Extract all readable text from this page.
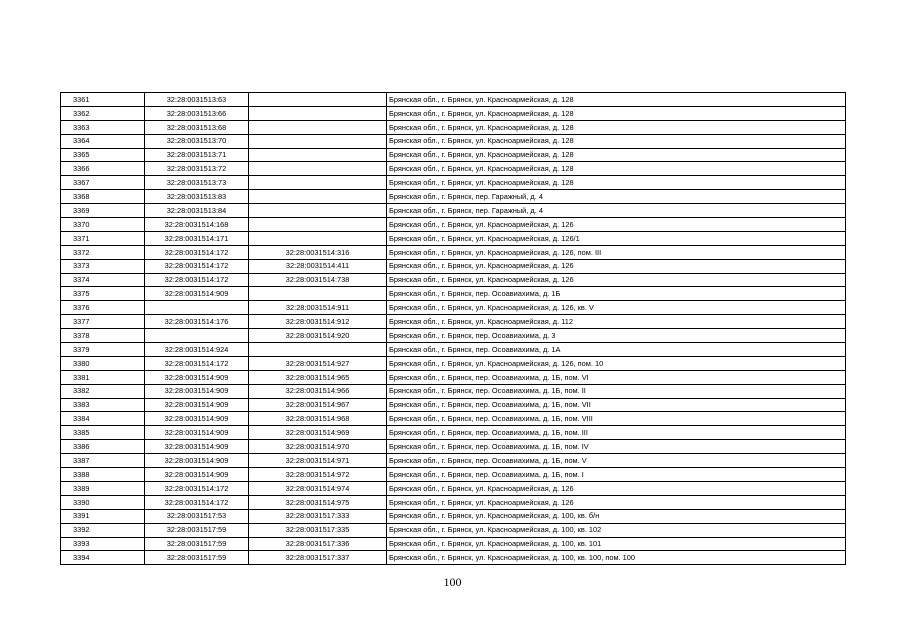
3361	32:28:0031513:63		Брянская обл., г. Брянск, ул. Красноармейская, д. 128
3362	32:28:0031513:66		Брянская обл., г. Брянск, ул. Красноармейская, д. 128
3363	32:28:0031513:68		Брянская обл., г. Брянск, ул. Красноармейская, д. 128
3364	32:28:0031513:70		Брянская обл., г. Брянск, ул. Красноармейская, д. 128
3365	32:28:0031513:71		Брянская обл., г. Брянск, ул. Красноармейская, д. 128
3366	32:28:0031513:72		Брянская обл., г. Брянск, ул. Красноармейская, д. 128
3367	32:28:0031513:73		Брянская обл., г. Брянск, ул. Красноармейская, д. 128
3368	32:28:0031513:83		Брянская обл., г. Брянск, пер. Гаражный, д. 4
3369	32:28:0031513:84		Брянская обл., г. Брянск, пер. Гаражный, д. 4
3370	32:28:0031514:168		Брянская обл., г. Брянск, ул. Красноармейская, д. 126
3371	32:28:0031514:171		Брянская обл., г. Брянск, ул. Красноармейская, д. 126/1
3372	32:28:0031514:172	32:28:0031514:316	Брянская обл., г. Брянск, ул. Красноармейская, д. 126, пом. III
3373	32:28:0031514:172	32:28:0031514:411	Брянская обл., г. Брянск, ул. Красноармейская, д. 126
3374	32:28:0031514:172	32:28:0031514:738	Брянская обл., г. Брянск, ул. Красноармейская, д. 126
3375	32:28:0031514:909		Брянская обл., г. Брянск, пер. Осоавиахима, д. 1Б
3376		32:28:0031514:911	Брянская обл., г. Брянск, ул. Красноармейская, д. 126, кв. V
3377	32:28:0031514:176	32:28:0031514:912	Брянская обл., г. Брянск, ул. Красноармейская, д. 112
3378		32:28:0031514:920	Брянская обл., г. Брянск, пер. Осоавиахима, д. 3
3379	32:28:0031514:924		Брянская обл., г. Брянск, пер. Осоавиахима, д. 1А
3380	32:28:0031514:172	32:28:0031514:927	Брянская обл., г. Брянск, ул. Красноармейская, д. 126, пом. 10
3381	32:28:0031514:909	32:28:0031514:965	Брянская обл., г. Брянск, пер. Осоавиахима, д. 1Б, пом. VI
3382	32:28:0031514:909	32:28:0031514:966	Брянская обл., г. Брянск, пер. Осоавиахима, д. 1Б, пом. II
3383	32:28:0031514:909	32:28:0031514:967	Брянская обл., г. Брянск, пер. Осоавиахима, д. 1Б, пом. VII
3384	32:28:0031514:909	32:28:0031514:968	Брянская обл., г. Брянск, пер. Осоавиахима, д. 1Б, пом. VIII
3385	32:28:0031514:909	32:28:0031514:969	Брянская обл., г. Брянск, пер. Осоавиахима, д. 1Б, пом. III
3386	32:28:0031514:909	32:28:0031514:970	Брянская обл., г. Брянск, пер. Осоавиахима, д. 1Б, пом. IV
3387	32:28:0031514:909	32:28:0031514:971	Брянская обл., г. Брянск, пер. Осоавиахима, д. 1Б, пом. V
3388	32:28:0031514:909	32:28:0031514:972	Брянская обл., г. Брянск, пер. Осоавиахима, д. 1Б, пом. I
3389	32:28:0031514:172	32:28:0031514:974	Брянская обл., г. Брянск, ул. Красноармейская, д. 126
3390	32:28:0031514:172	32:28:0031514:975	Брянская обл., г. Брянск, ул. Красноармейская, д. 126
3391	32:28:0031517:53	32:28:0031517:333	Брянская обл., г. Брянск, ул. Красноармейская, д. 100, кв. б/н
3392	32:28:0031517:59	32:28:0031517:335	Брянская обл., г. Брянск, ул. Красноармейская, д. 100, кв. 102
3393	32:28:0031517:59	32:28:0031517:336	Брянская обл., г. Брянск, ул. Красноармейская, д. 100, кв. 101
3394	32:28:0031517:59	32:28:0031517:337	Брянская обл., г. Брянск, ул. Красноармейская, д. 100, кв. 100, пом. 100
100
